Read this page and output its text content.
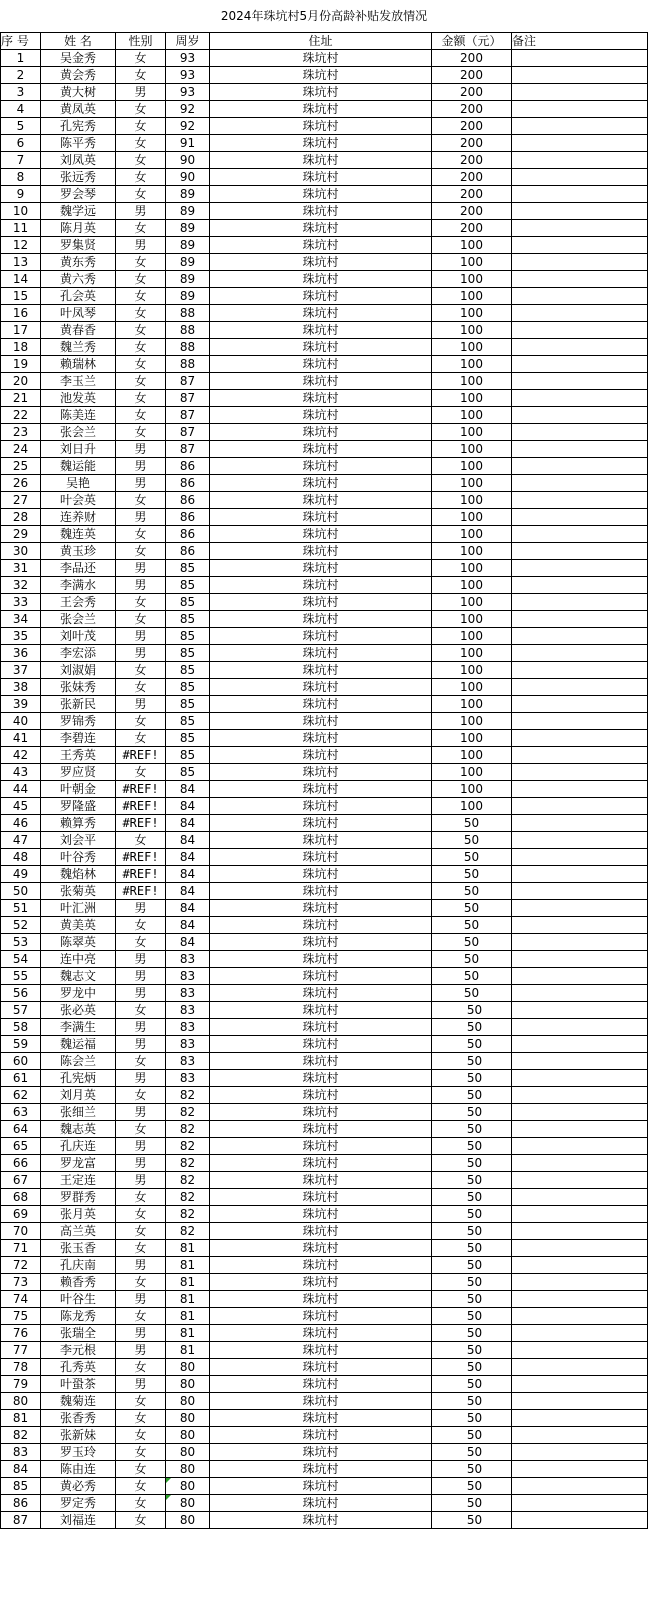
2024年珠坑村5月份高龄补贴发放情况
序 号	姓 名	性别	周岁	住址	金额（元）	备注
1	吴金秀	女	93	珠坑村	200	
2	黄会秀	女	93	珠坑村	200	
3	黄大树	男	93	珠坑村	200	
4	黄凤英	女	92	珠坑村	200	
5	孔宪秀	女	92	珠坑村	200	
6	陈平秀	女	91	珠坑村	200	
7	刘凤英	女	90	珠坑村	200	
8	张远秀	女	90	珠坑村	200	
9	罗会琴	女	89	珠坑村	200	
10	魏学远	男	89	珠坑村	200	
11	陈月英	女	89	珠坑村	200	
12	罗集贤	男	89	珠坑村	100	
13	黄东秀	女	89	珠坑村	100	
14	黄六秀	女	89	珠坑村	100	
15	孔会英	女	89	珠坑村	100	
16	叶凤琴	女	88	珠坑村	100	
17	黄春香	女	88	珠坑村	100	
18	魏兰秀	女	88	珠坑村	100	
19	赖瑞林	女	88	珠坑村	100	
20	李玉兰	女	87	珠坑村	100	
21	池发英	女	87	珠坑村	100	
22	陈美连	女	87	珠坑村	100	
23	张会兰	女	87	珠坑村	100	
24	刘日升	男	87	珠坑村	100	
25	魏运能	男	86	珠坑村	100	
26	吴艳	男	86	珠坑村	100	
27	叶会英	女	86	珠坑村	100	
28	连养财	男	86	珠坑村	100	
29	魏连英	女	86	珠坑村	100	
30	黄玉珍	女	86	珠坑村	100	
31	李品还	男	85	珠坑村	100	
32	李满水	男	85	珠坑村	100	
33	王会秀	女	85	珠坑村	100	
34	张会兰	女	85	珠坑村	100	
35	刘叶茂	男	85	珠坑村	100	
36	李宏添	男	85	珠坑村	100	
37	刘淑娟	女	85	珠坑村	100	
38	张妹秀	女	85	珠坑村	100	
39	张新民	男	85	珠坑村	100	
40	罗锦秀	女	85	珠坑村	100	
41	李碧连	女	85	珠坑村	100	
42	王秀英	#REF!	85	珠坑村	100	
43	罗应贤	女	85	珠坑村	100	
44	叶朝金	#REF!	84	珠坑村	100	
45	罗隆盛	#REF!	84	珠坑村	100	
46	赖算秀	#REF!	84	珠坑村	50	
47	刘会平	女	84	珠坑村	50	
48	叶谷秀	#REF!	84	珠坑村	50	
49	魏焰林	#REF!	84	珠坑村	50	
50	张菊英	#REF!	84	珠坑村	50	
51	叶汇洲	男	84	珠坑村	50	
52	黄美英	女	84	珠坑村	50	
53	陈翠英	女	84	珠坑村	50	
54	连中亮	男	83	珠坑村	50	
55	魏志文	男	83	珠坑村	50	
56	罗龙中	男	83	珠坑村	50	
57	张必英	女	83	珠坑村	50	
58	李满生	男	83	珠坑村	50	
59	魏运福	男	83	珠坑村	50	
60	陈会兰	女	83	珠坑村	50	
61	孔宪炳	男	83	珠坑村	50	
62	刘月英	女	82	珠坑村	50	
63	张细兰	男	82	珠坑村	50	
64	魏志英	女	82	珠坑村	50	
65	孔庆连	男	82	珠坑村	50	
66	罗龙富	男	82	珠坑村	50	
67	王定连	男	82	珠坑村	50	
68	罗群秀	女	82	珠坑村	50	
69	张月英	女	82	珠坑村	50	
70	高兰英	女	82	珠坑村	50	
71	张玉香	女	81	珠坑村	50	
72	孔庆南	男	81	珠坑村	50	
73	赖香秀	女	81	珠坑村	50	
74	叶谷生	男	81	珠坑村	50	
75	陈龙秀	女	81	珠坑村	50	
76	张瑞全	男	81	珠坑村	50	
77	李元根	男	81	珠坑村	50	
78	孔秀英	女	80	珠坑村	50	
79	叶蛩茶	男	80	珠坑村	50	
80	魏菊连	女	80	珠坑村	50	
81	张香秀	女	80	珠坑村	50	
82	张新妹	女	80	珠坑村	50	
83	罗玉玲	女	80	珠坑村	50	
84	陈由连	女	80	珠坑村	50	
85	黄必秀	女	80	珠坑村	50	
86	罗定秀	女	80	珠坑村	50	
87	刘福连	女	80	珠坑村	50	
